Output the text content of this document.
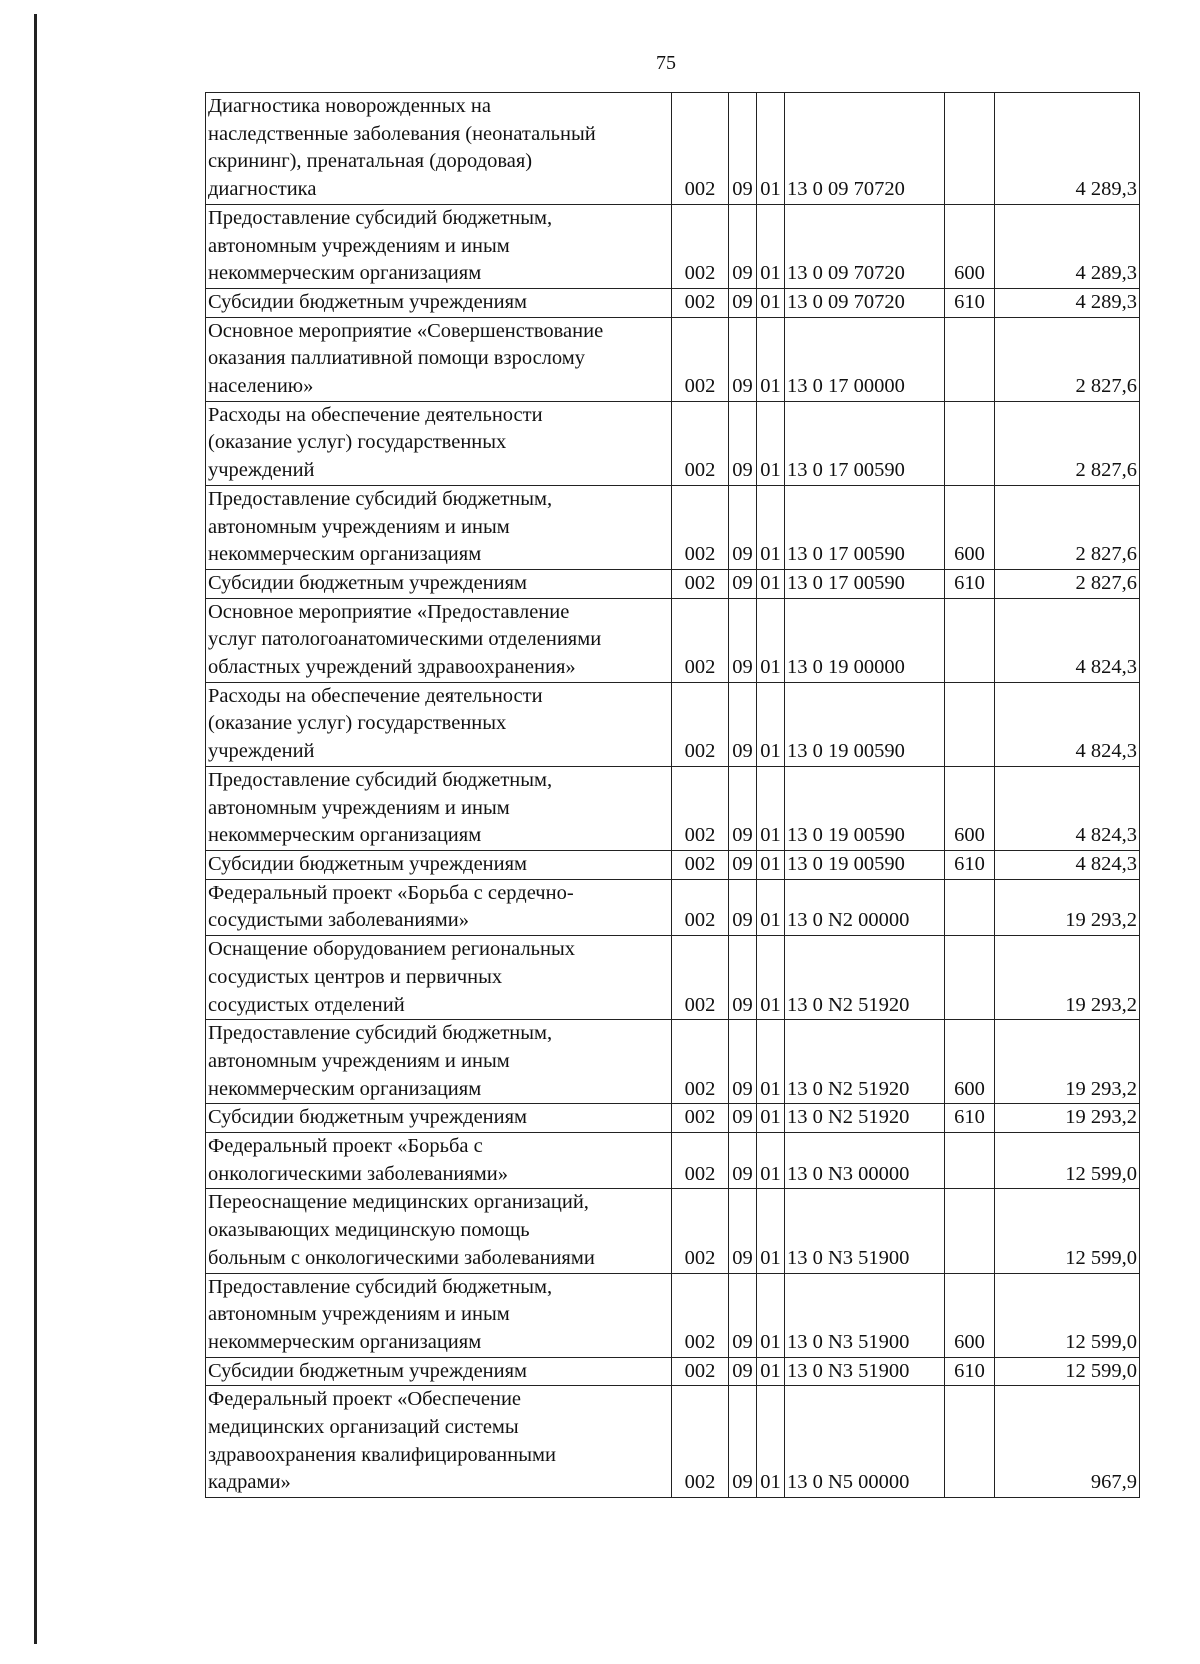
75
Диагностика новорожденных на
наследственные заболевания (неонатальный
скрининг), пренатальная (дородовая)
диагностика	002	09	01	13 0 09 70720		4 289,3
Предоставление субсидий бюджетным,
автономным учреждениям и иным
некоммерческим организациям	002	09	01	13 0 09 70720	600	4 289,3
Субсидии бюджетным учреждениям	002	09	01	13 0 09 70720	610	4 289,3
Основное мероприятие «Совершенствование
оказания паллиативной помощи взрослому
населению»	002	09	01	13 0 17 00000		2 827,6
Расходы на обеспечение деятельности
(оказание услуг) государственных
учреждений	002	09	01	13 0 17 00590		2 827,6
Предоставление субсидий бюджетным,
автономным учреждениям и иным
некоммерческим организациям	002	09	01	13 0 17 00590	600	2 827,6
Субсидии бюджетным учреждениям	002	09	01	13 0 17 00590	610	2 827,6
Основное мероприятие «Предоставление
услуг патологоанатомическими отделениями
областных учреждений здравоохранения»	002	09	01	13 0 19 00000		4 824,3
Расходы на обеспечение деятельности
(оказание услуг) государственных
учреждений	002	09	01	13 0 19 00590		4 824,3
Предоставление субсидий бюджетным,
автономным учреждениям и иным
некоммерческим организациям	002	09	01	13 0 19 00590	600	4 824,3
Субсидии бюджетным учреждениям	002	09	01	13 0 19 00590	610	4 824,3
Федеральный проект «Борьба с сердечно-
сосудистыми заболеваниями»	002	09	01	13 0 N2 00000		19 293,2
Оснащение оборудованием региональных
сосудистых центров и первичных
сосудистых отделений	002	09	01	13 0 N2 51920		19 293,2
Предоставление субсидий бюджетным,
автономным учреждениям и иным
некоммерческим организациям	002	09	01	13 0 N2 51920	600	19 293,2
Субсидии бюджетным учреждениям	002	09	01	13 0 N2 51920	610	19 293,2
Федеральный проект «Борьба с
онкологическими заболеваниями»	002	09	01	13 0 N3 00000		12 599,0
Переоснащение медицинских организаций,
оказывающих медицинскую помощь
больным с онкологическими заболеваниями	002	09	01	13 0 N3 51900		12 599,0
Предоставление субсидий бюджетным,
автономным учреждениям и иным
некоммерческим организациям	002	09	01	13 0 N3 51900	600	12 599,0
Субсидии бюджетным учреждениям	002	09	01	13 0 N3 51900	610	12 599,0
Федеральный проект «Обеспечение
медицинских организаций системы
здравоохранения квалифицированными
кадрами»	002	09	01	13 0 N5 00000		967,9
